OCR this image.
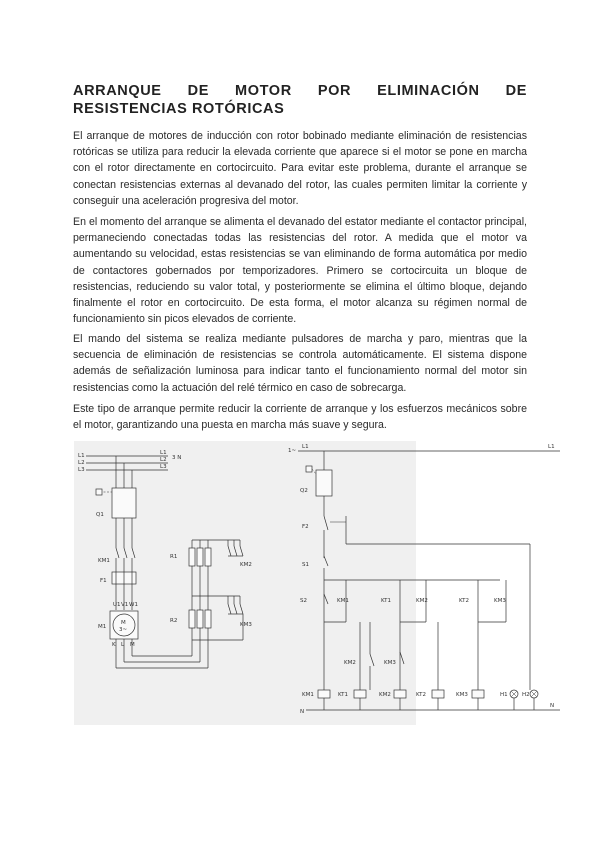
ARRANQUE DE MOTOR POR ELIMINACIÓN DE RESISTENCIAS ROTÓRICAS

El arranque de motores de inducción con rotor bobinado mediante eliminación de resistencias rotóricas se utiliza para reducir la elevada corriente que aparece si el motor se pone en marcha con el rotor directamente en cortocircuito. Para evitar este problema, durante el arranque se conectan resistencias externas al devanado del rotor, las cuales permiten limitar la corriente y conseguir una aceleración progresiva del motor.

En el momento del arranque se alimenta el devanado del estator mediante el contactor principal, permaneciendo conectadas todas las resistencias del rotor. A medida que el motor va aumentando su velocidad, estas resistencias se van eliminando de forma automática por medio de contactores gobernados por temporizadores. Primero se cortocircuita un bloque de resistencias, reduciendo su valor total, y posteriormente se elimina el último bloque, dejando finalmente el rotor en cortocircuito. De esta forma, el motor alcanza su régimen normal de funcionamiento sin picos elevados de corriente.

El mando del sistema se realiza mediante pulsadores de marcha y paro, mientras que la secuencia de eliminación de resistencias se controla automáticamente. El sistema dispone además de señalización luminosa para indicar tanto el funcionamiento normal del motor sin resistencias como la actuación del relé térmico en caso de sobrecarga.

Este tipo de arranque permite reducir la corriente de arranque y los esfuerzos mecánicos sobre el motor, garantizando una puesta en marcha más suave y segura.

L1
L2
L3
L1
L2
L3
3 N
Q1
KM1
F1
U1 V1 W1
M1
M
3~
K L M
R1
R2
KM2
KM3
1~
L1	L1
N
N
Q2
F2
S1
S2	KM1	KT1	KM2	KT2	KM3
KM2	KM3
KM1	KT1	KM2	KT2	KM3	H1	H2
